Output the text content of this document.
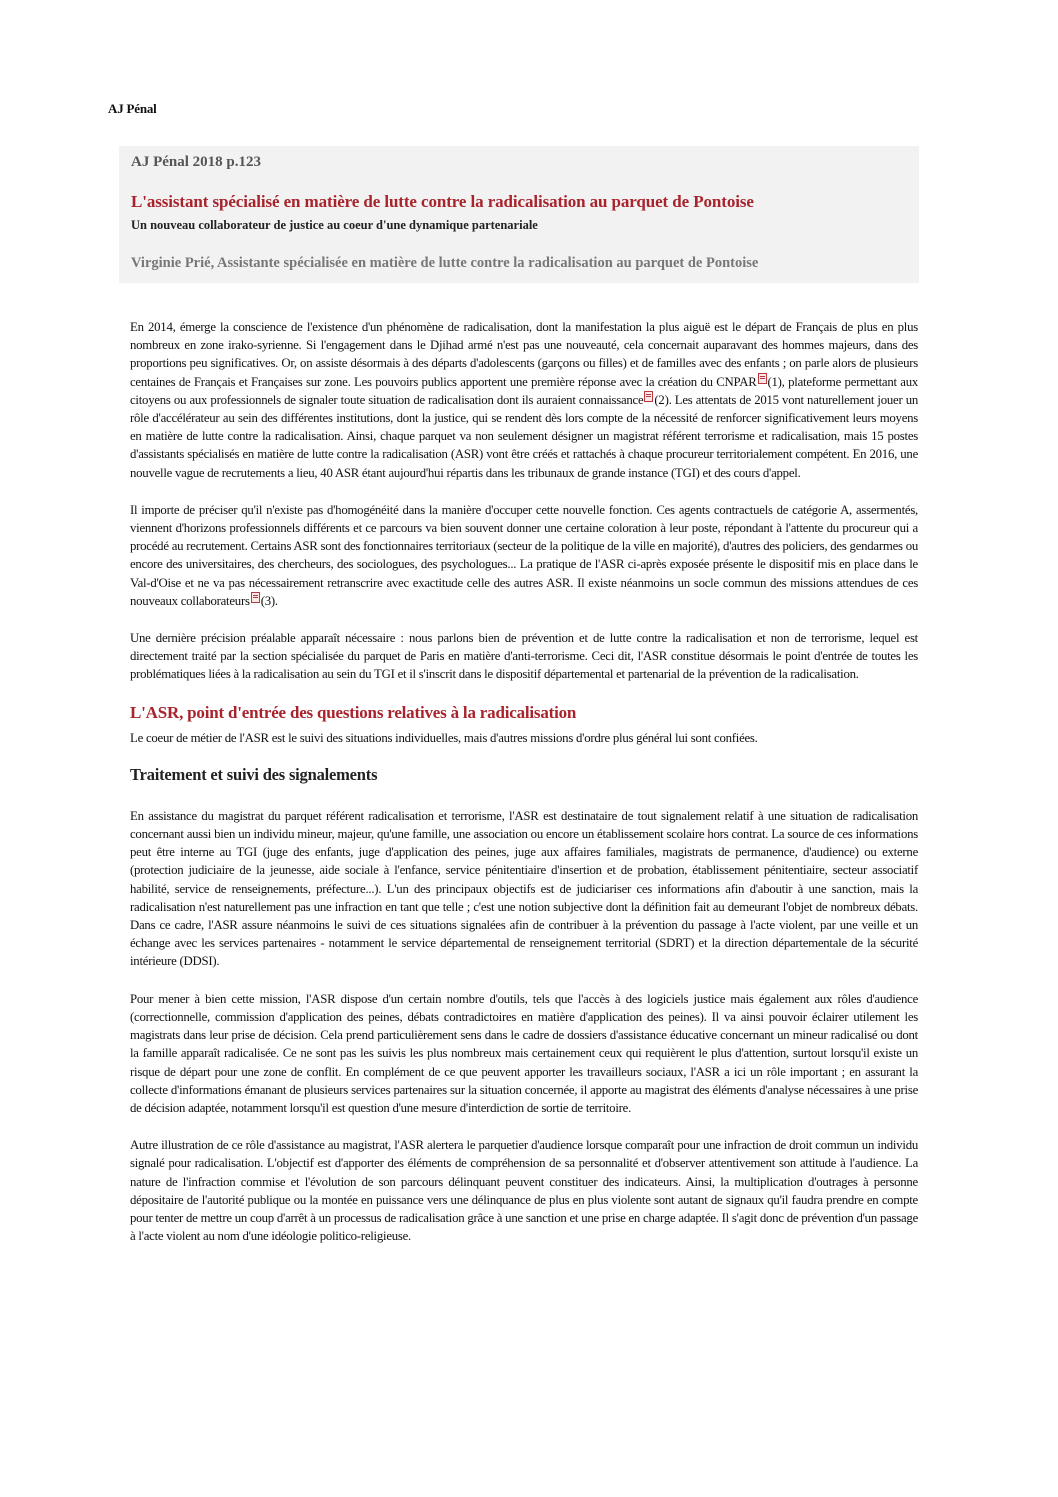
AJ Pénal
AJ Pénal 2018 p.123
L'assistant spécialisé en matière de lutte contre la radicalisation au parquet de Pontoise
Un nouveau collaborateur de justice au coeur d'une dynamique partenariale
Virginie Prié, Assistante spécialisée en matière de lutte contre la radicalisation au parquet de Pontoise

En 2014, émerge la conscience de l'existence d'un phénomène de radicalisation, dont la manifestation la plus aiguë est le départ de Français de plus en plus nombreux en zone irako-syrienne. Si l'engagement dans le Djihad armé n'est pas une nouveauté, cela concernait auparavant des hommes majeurs, dans des proportions peu significatives. Or, on assiste désormais à des départs d'adolescents (garçons ou filles) et de familles avec des enfants ; on parle alors de plusieurs centaines de Français et Françaises sur zone. Les pouvoirs publics apportent une première réponse avec la création du CNPAR (1), plateforme permettant aux citoyens ou aux professionnels de signaler toute situation de radicalisation dont ils auraient connaissance (2). Les attentats de 2015 vont naturellement jouer un rôle d'accélérateur au sein des différentes institutions, dont la justice, qui se rendent dès lors compte de la nécessité de renforcer significativement leurs moyens en matière de lutte contre la radicalisation. Ainsi, chaque parquet va non seulement désigner un magistrat référent terrorisme et radicalisation, mais 15 postes d'assistants spécialisés en matière de lutte contre la radicalisation (ASR) vont être créés et rattachés à chaque procureur territorialement compétent. En 2016, une nouvelle vague de recrutements a lieu, 40 ASR étant aujourd'hui répartis dans les tribunaux de grande instance (TGI) et des cours d'appel.

Il importe de préciser qu'il n'existe pas d'homogénéité dans la manière d'occuper cette nouvelle fonction. Ces agents contractuels de catégorie A, assermentés, viennent d'horizons professionnels différents et ce parcours va bien souvent donner une certaine coloration à leur poste, répondant à l'attente du procureur qui a procédé au recrutement. Certains ASR sont des fonctionnaires territoriaux (secteur de la politique de la ville en majorité), d'autres des policiers, des gendarmes ou encore des universitaires, des chercheurs, des sociologues, des psychologues... La pratique de l'ASR ci-après exposée présente le dispositif mis en place dans le Val-d'Oise et ne va pas nécessairement retranscrire avec exactitude celle des autres ASR. Il existe néanmoins un socle commun des missions attendues de ces nouveaux collaborateurs (3).

Une dernière précision préalable apparaît nécessaire : nous parlons bien de prévention et de lutte contre la radicalisation et non de terrorisme, lequel est directement traité par la section spécialisée du parquet de Paris en matière d'anti-terrorisme. Ceci dit, l'ASR constitue désormais le point d'entrée de toutes les problématiques liées à la radicalisation au sein du TGI et il s'inscrit dans le dispositif départemental et partenarial de la prévention de la radicalisation.

L'ASR, point d'entrée des questions relatives à la radicalisation

Le coeur de métier de l'ASR est le suivi des situations individuelles, mais d'autres missions d'ordre plus général lui sont confiées.

Traitement et suivi des signalements

En assistance du magistrat du parquet référent radicalisation et terrorisme, l'ASR est destinataire de tout signalement relatif à une situation de radicalisation concernant aussi bien un individu mineur, majeur, qu'une famille, une association ou encore un établissement scolaire hors contrat. La source de ces informations peut être interne au TGI (juge des enfants, juge d'application des peines, juge aux affaires familiales, magistrats de permanence, d'audience) ou externe (protection judiciaire de la jeunesse, aide sociale à l'enfance, service pénitentiaire d'insertion et de probation, établissement pénitentiaire, secteur associatif habilité, service de renseignements, préfecture...). L'un des principaux objectifs est de judiciariser ces informations afin d'aboutir à une sanction, mais la radicalisation n'est naturellement pas une infraction en tant que telle ; c'est une notion subjective dont la définition fait au demeurant l'objet de nombreux débats. Dans ce cadre, l'ASR assure néanmoins le suivi de ces situations signalées afin de contribuer à la prévention du passage à l'acte violent, par une veille et un échange avec les services partenaires - notamment le service départemental de renseignement territorial (SDRT) et la direction départementale de la sécurité intérieure (DDSI).

Pour mener à bien cette mission, l'ASR dispose d'un certain nombre d'outils, tels que l'accès à des logiciels justice mais également aux rôles d'audience (correctionnelle, commission d'application des peines, débats contradictoires en matière d'application des peines). Il va ainsi pouvoir éclairer utilement les magistrats dans leur prise de décision. Cela prend particulièrement sens dans le cadre de dossiers d'assistance éducative concernant un mineur radicalisé ou dont la famille apparaît radicalisée. Ce ne sont pas les suivis les plus nombreux mais certainement ceux qui requièrent le plus d'attention, surtout lorsqu'il existe un risque de départ pour une zone de conflit. En complément de ce que peuvent apporter les travailleurs sociaux, l'ASR a ici un rôle important ; en assurant la collecte d'informations émanant de plusieurs services partenaires sur la situation concernée, il apporte au magistrat des éléments d'analyse nécessaires à une prise de décision adaptée, notamment lorsqu'il est question d'une mesure d'interdiction de sortie de territoire.

Autre illustration de ce rôle d'assistance au magistrat, l'ASR alertera le parquetier d'audience lorsque comparaît pour une infraction de droit commun un individu signalé pour radicalisation. L'objectif est d'apporter des éléments de compréhension de sa personnalité et d'observer attentivement son attitude à l'audience. La nature de l'infraction commise et l'évolution de son parcours délinquant peuvent constituer des indicateurs. Ainsi, la multiplication d'outrages à personne dépositaire de l'autorité publique ou la montée en puissance vers une délinquance de plus en plus violente sont autant de signaux qu'il faudra prendre en compte pour tenter de mettre un coup d'arrêt à un processus de radicalisation grâce à une sanction et une prise en charge adaptée. Il s'agit donc de prévention d'un passage à l'acte violent au nom d'une idéologie politico-religieuse.
